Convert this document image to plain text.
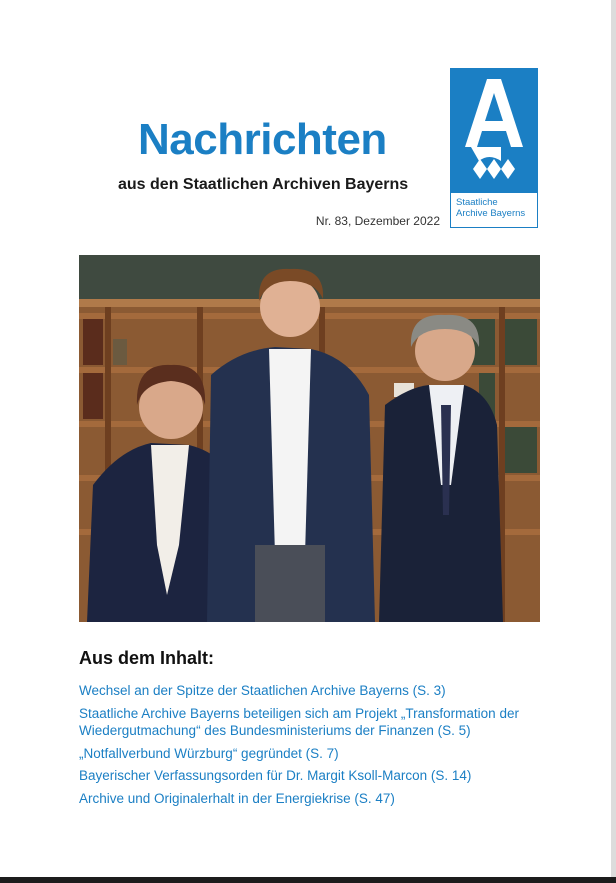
Nachrichten
aus den Staatlichen Archiven Bayerns
Nr. 83, Dezember 2022
Staatliche
Archive Bayerns
Aus dem Inhalt:
Wechsel an der Spitze der Staatlichen Archive Bayerns (S. 3)
Staatliche Archive Bayerns beteiligen sich am Projekt „Transformation der Wiedergutmachung“ des Bundesministeriums der Finanzen (S. 5)
„Notfallverbund Würzburg“ gegründet (S. 7)
Bayerischer Verfassungsorden für Dr. Margit Ksoll-Marcon (S. 14)
Archive und Originalerhalt in der Energiekrise (S. 47)
